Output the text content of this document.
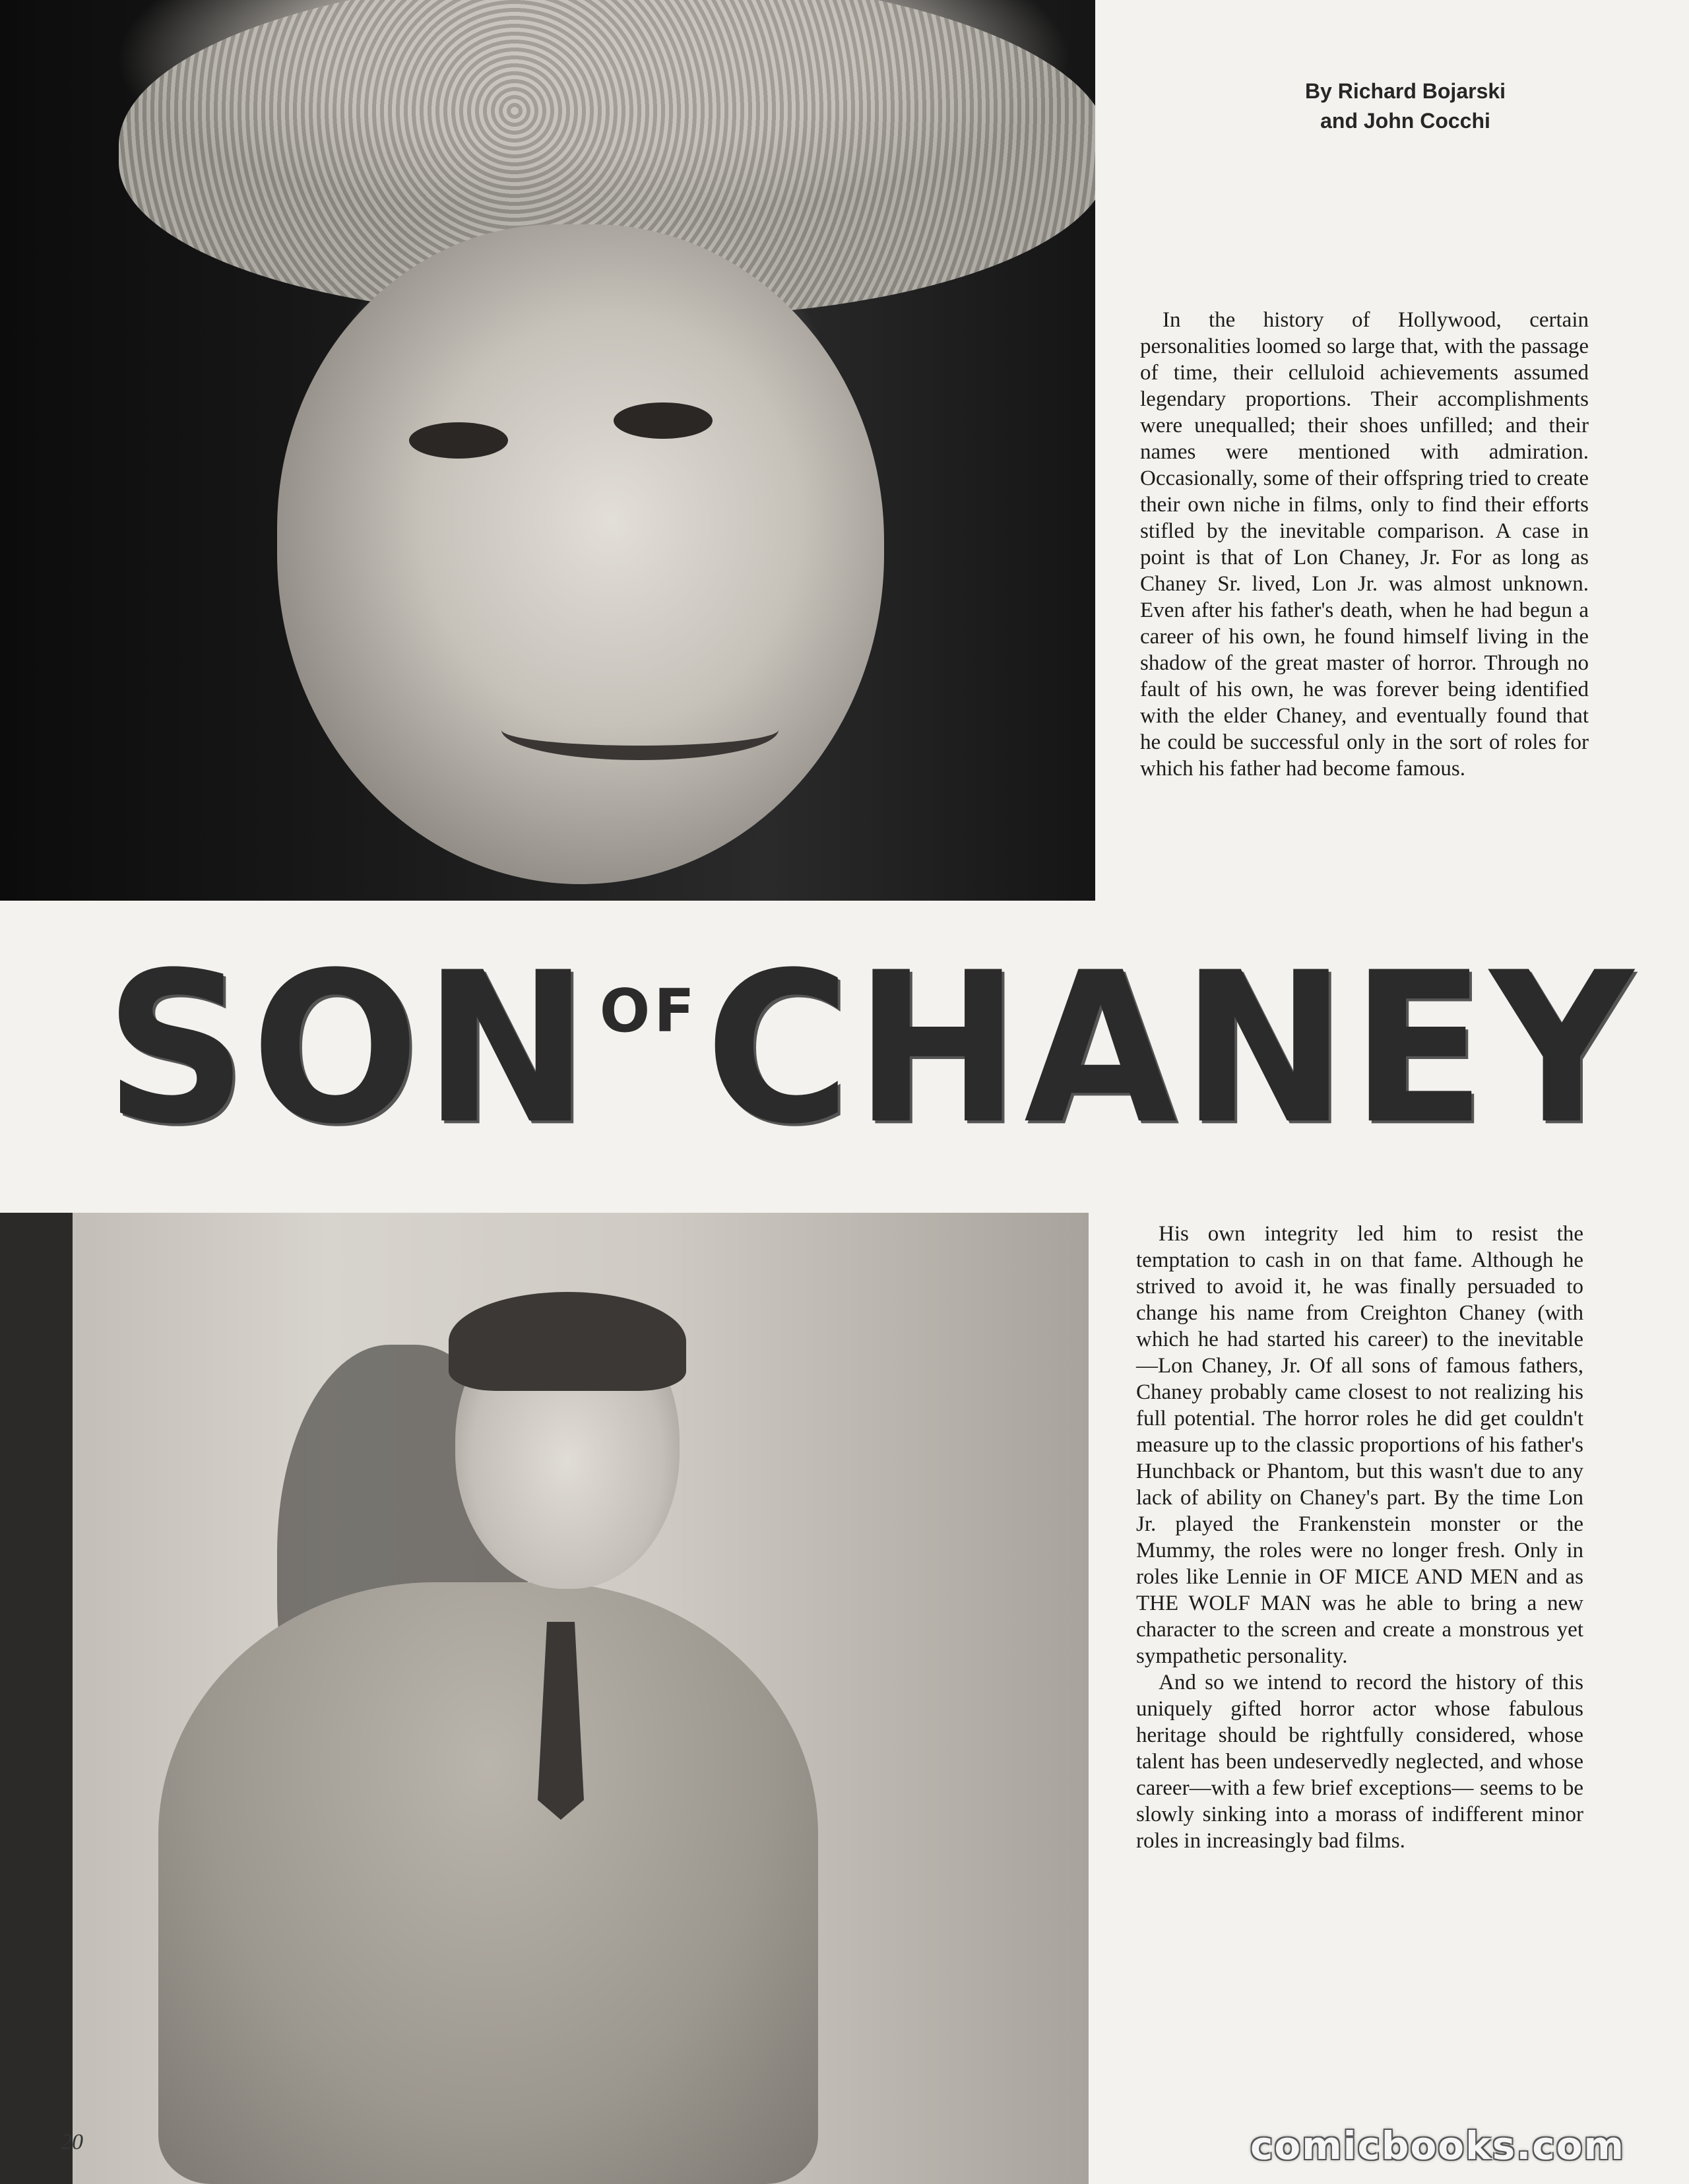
By Richard Bojarski
and John Cocchi

In the history of Hollywood, certain personalities loomed so large that, with the passage of time, their celluloid achievements assumed legendary proportions. Their accomplishments were unequalled; their shoes unfilled; and their names were mentioned with admiration. Occasionally, some of their offspring tried to create their own niche in films, only to find their efforts stifled by the inevitable comparison. A case in point is that of Lon Chaney, Jr. For as long as Chaney Sr. lived, Lon Jr. was almost unknown. Even after his father's death, when he had begun a career of his own, he found himself living in the shadow of the great master of horror. Through no fault of his own, he was forever being identified with the elder Chaney, and eventually found that he could be successful only in the sort of roles for which his father had become famous.

SON OF CHANEY

His own integrity led him to resist the temptation to cash in on that fame. Although he strived to avoid it, he was finally persuaded to change his name from Creighton Chaney (with which he had started his career) to the inevitable —Lon Chaney, Jr. Of all sons of famous fathers, Chaney probably came closest to not realizing his full potential. The horror roles he did get couldn't measure up to the classic proportions of his father's Hunchback or Phantom, but this wasn't due to any lack of ability on Chaney's part. By the time Lon Jr. played the Frankenstein monster or the Mummy, the roles were no longer fresh. Only in roles like Lennie in OF MICE AND MEN and as THE WOLF MAN was he able to bring a new character to the screen and create a monstrous yet sympathetic personality.

And so we intend to record the history of this uniquely gifted horror actor whose fabulous heritage should be rightfully considered, whose talent has been undeservedly neglected, and whose career—with a few brief exceptions— seems to be slowly sinking into a morass of indifferent minor roles in increasingly bad films.

20	comicbooks.com
